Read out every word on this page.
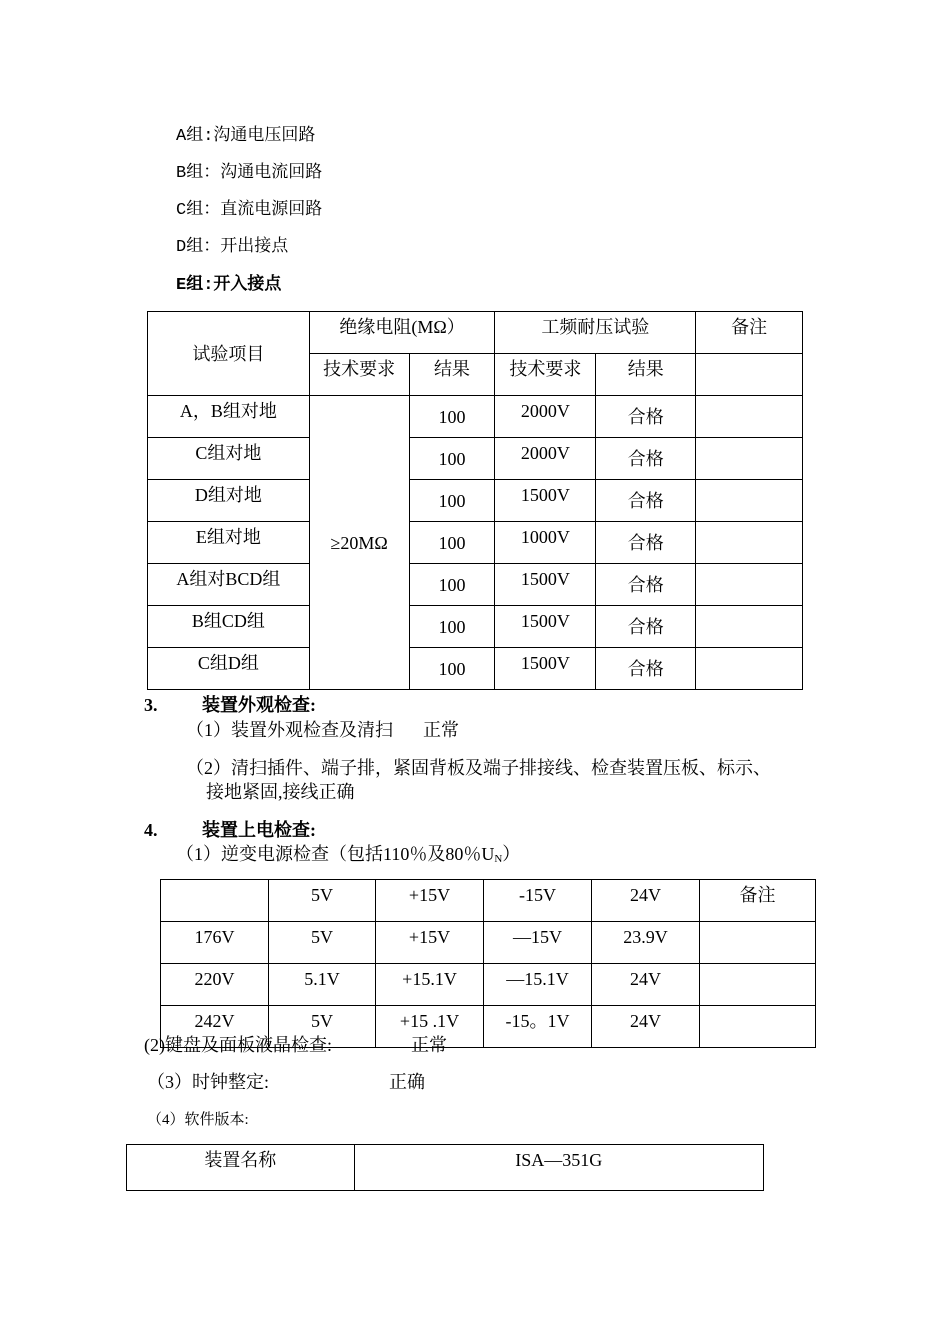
A组:沟通电压回路
B组：沟通电流回路
C组：直流电源回路
D组：开出接点
E组:开入接点
试验项目	绝缘电阻(MΩ）		工频耐压试验		备注
	技术要求	结果	技术要求	结果	
A，B组对地	≥20MΩ	100	2000V	合格	
C组对地		100	2000V	合格	
D组对地		100	1500V	合格	
E组对地		100	1000V	合格	
A组对BCD组		100	1500V	合格	
B组CD组		100	1500V	合格	
C组D组		100	1500V	合格	
3. 装置外观检查:
（1）装置外观检查及清扫 正常
（2）清扫插件、端子排，紧固背板及端子排接线、检查装置压板、标示、
接地紧固,接线正确
4. 装置上电检查:
（1）逆变电源检查（包括110％及80％$U_N$）
	5V	+15V	-15V	24V	备注
176V	5V	+15V	—15V	23.9V	
220V	5.1V	+15.1V	—15.1V	24V	
242V	5V	+15 .1V	-15。1V	24V	
(2)键盘及面板液晶检查:	正常
（3）时钟整定:	正确
（4）软件版本:
装置名称	ISA—351G
